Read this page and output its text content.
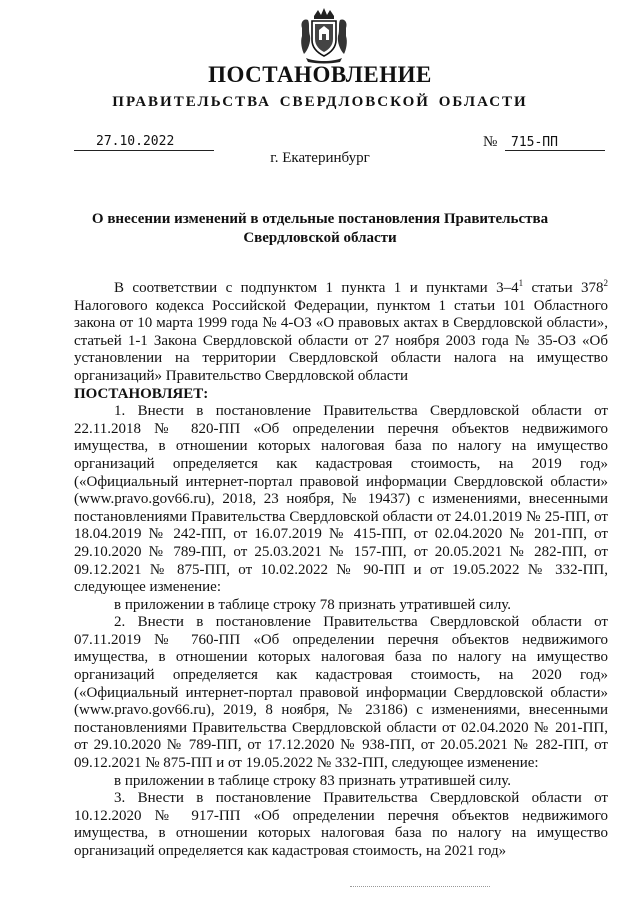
ПОСТАНОВЛЕНИЕ
ПРАВИТЕЛЬСТВА СВЕРДЛОВСКОЙ ОБЛАСТИ
27.10.2022	№ 715-ПП
г. Екатеринбург
О внесении изменений в отдельные постановления Правительства
Свердловской области

В соответствии с подпунктом 1 пункта 1 и пунктами $3-4^1$ статьи $378^2$ Налогового кодекса Российской Федерации, пунктом 1 статьи 101 Областного закона от 10 марта 1999 года № 4-ОЗ «О правовых актах в Свердловской области», статьей 1-1 Закона Свердловской области от 27 ноября 2003 года № 35-ОЗ «Об установлении на территории Свердловской области налога на имущество организаций» Правительство Свердловской области

ПОСТАНОВЛЯЕТ:

1. Внести в постановление Правительства Свердловской области от 22.11.2018 № 820-ПП «Об определении перечня объектов недвижимого имущества, в отношении которых налоговая база по налогу на имущество организаций определяется как кадастровая стоимость, на 2019 год» («Официальный интернет-портал правовой информации Свердловской области» (www.pravo.gov66.ru), 2018, 23 ноября, № 19437) с изменениями, внесенными постановлениями Правительства Свердловской области от 24.01.2019 № 25-ПП, от 18.04.2019 № 242-ПП, от 16.07.2019 № 415-ПП, от 02.04.2020 № 201-ПП, от 29.10.2020 № 789-ПП, от 25.03.2021 № 157-ПП, от 20.05.2021 № 282-ПП, от 09.12.2021 № 875-ПП, от 10.02.2022 № 90-ПП и от 19.05.2022 № 332-ПП, следующее изменение:

в приложении в таблице строку 78 признать утратившей силу.

2. Внести в постановление Правительства Свердловской области от 07.11.2019 № 760-ПП «Об определении перечня объектов недвижимого имущества, в отношении которых налоговая база по налогу на имущество организаций определяется как кадастровая стоимость, на 2020 год» («Официальный интернет-портал правовой информации Свердловской области» (www.pravo.gov66.ru), 2019, 8 ноября, № 23186) с изменениями, внесенными постановлениями Правительства Свердловской области от 02.04.2020 № 201-ПП, от 29.10.2020 № 789-ПП, от 17.12.2020 № 938-ПП, от 20.05.2021 № 282-ПП, от 09.12.2021 № 875-ПП и от 19.05.2022 № 332-ПП, следующее изменение:

в приложении в таблице строку 83 признать утратившей силу.

3. Внести в постановление Правительства Свердловской области от 10.12.2020 № 917-ПП «Об определении перечня объектов недвижимого имущества, в отношении которых налоговая база по налогу на имущество организаций определяется как кадастровая стоимость, на 2021 год»
